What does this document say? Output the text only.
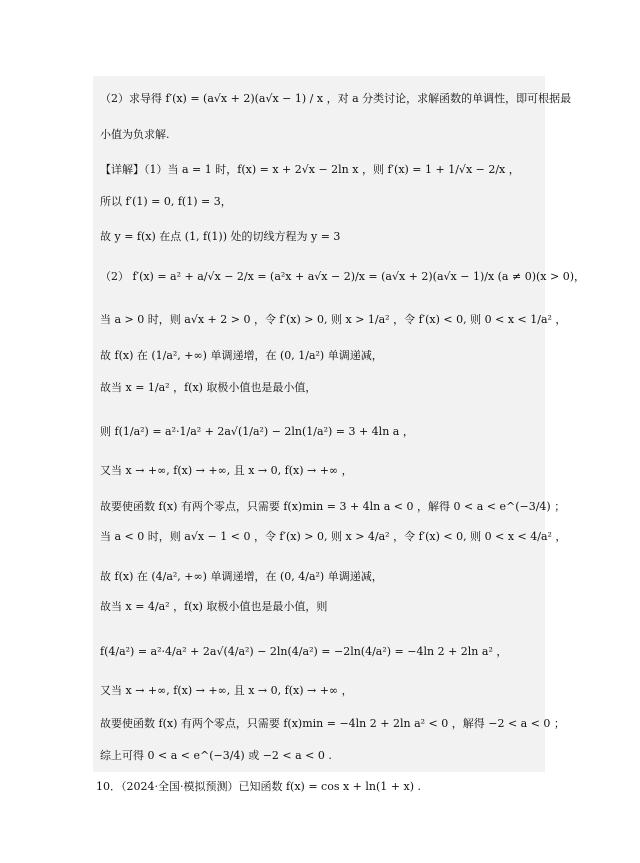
（2）求导得 f′(x) = (a√x + 2)(a√x − 1) / x ，对 a 分类讨论，求解函数的单调性，即可根据最
小值为负求解.
【详解】（1）当 a = 1 时，f(x) = x + 2√x − 2ln x ，则 f′(x) = 1 + 1/√x − 2/x ，
所以 f′(1) = 0, f(1) = 3，
故 y = f(x) 在点 (1, f(1)) 处的切线方程为 y = 3
（2） f′(x) = a² + a/√x − 2/x = (a²x + a√x − 2)/x = (a√x + 2)(a√x − 1)/x (a ≠ 0)(x > 0)，
当 a > 0 时，则 a√x + 2 > 0 ，令 f′(x) > 0, 则 x > 1/a² ，令 f′(x) < 0, 则 0 < x < 1/a² ，
故 f(x) 在 (1/a², +∞) 单调递增，在 (0, 1/a²) 单调递减，
故当 x = 1/a² ，f(x) 取极小值也是最小值，
则 f(1/a²) = a²·1/a² + 2a√(1/a²) − 2ln(1/a²) = 3 + 4ln a ，
又当 x → +∞, f(x) → +∞, 且 x → 0, f(x) → +∞ ，
故要使函数 f(x) 有两个零点，只需要 f(x)min = 3 + 4ln a < 0 ，解得 0 < a < e^(−3/4) ；
当 a < 0 时，则 a√x − 1 < 0 ，令 f′(x) > 0, 则 x > 4/a² ，令 f′(x) < 0, 则 0 < x < 4/a² ，
故 f(x) 在 (4/a², +∞) 单调递增，在 (0, 4/a²) 单调递减，
故当 x = 4/a² ，f(x) 取极小值也是最小值，则
f(4/a²) = a²·4/a² + 2a√(4/a²) − 2ln(4/a²) = −2ln(4/a²) = −4ln 2 + 2ln a² ，
又当 x → +∞, f(x) → +∞, 且 x → 0, f(x) → +∞ ，
故要使函数 f(x) 有两个零点，只需要 f(x)min = −4ln 2 + 2ln a² < 0 ，解得 −2 < a < 0 ；
综上可得 0 < a < e^(−3/4) 或 −2 < a < 0 .
10．（2024·全国·模拟预测）已知函数 f(x) = cos x + ln(1 + x) .
